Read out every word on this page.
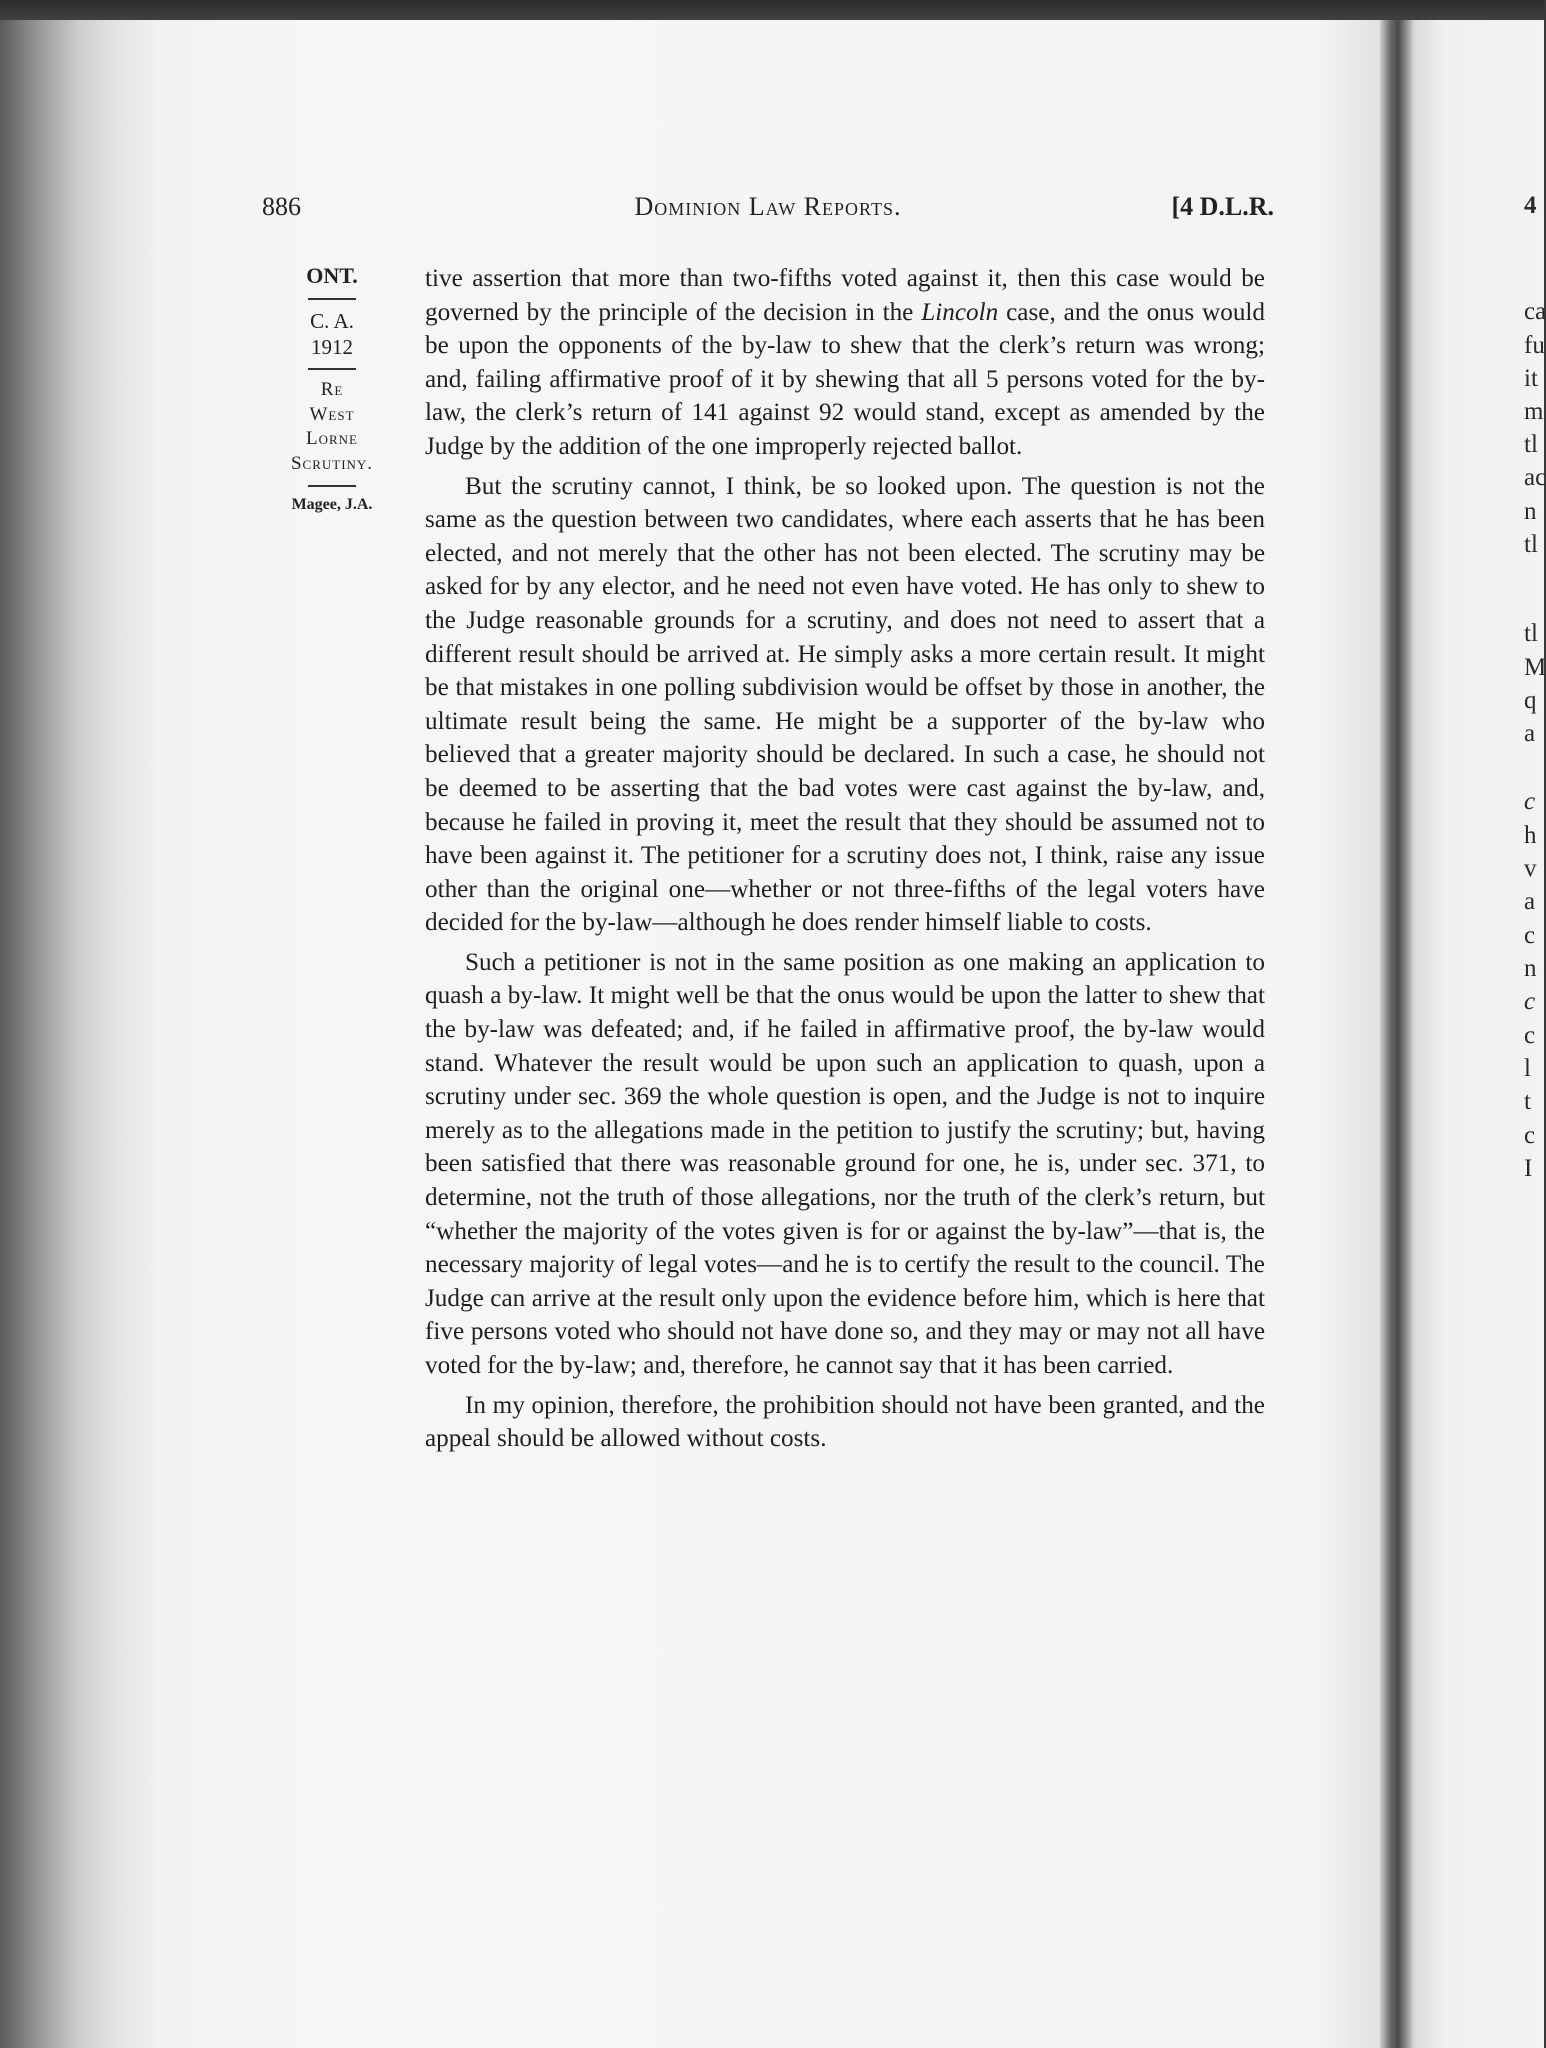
4
ca
fu
it
m
tl
ac
n
tl
tl
M
q
a
c
h
v
a
c
n
c
c
l
t
c
I
886	Dominion Law Reports.	[4 D.L.R.
ONT.
C. A.
1912
Re
West
Lorne
Scrutiny.
Magee, J.A.

tive assertion that more than two-fifths voted against it, then this case would be governed by the principle of the decision in the Lincoln case, and the onus would be upon the opponents of the by-law to shew that the clerk’s return was wrong; and, failing affirmative proof of it by shewing that all 5 persons voted for the by-law, the clerk’s return of 141 against 92 would stand, except as amended by the Judge by the addition of the one improperly rejected ballot.

But the scrutiny cannot, I think, be so looked upon. The question is not the same as the question between two candidates, where each asserts that he has been elected, and not merely that the other has not been elected. The scrutiny may be asked for by any elector, and he need not even have voted. He has only to shew to the Judge reasonable grounds for a scrutiny, and does not need to assert that a different result should be arrived at. He simply asks a more certain result. It might be that mistakes in one polling subdivision would be offset by those in another, the ultimate result being the same. He might be a supporter of the by-law who believed that a greater majority should be declared. In such a case, he should not be deemed to be asserting that the bad votes were cast against the by-law, and, because he failed in proving it, meet the result that they should be assumed not to have been against it. The petitioner for a scrutiny does not, I think, raise any issue other than the original one—whether or not three-fifths of the legal voters have decided for the by-law—although he does render himself liable to costs.

Such a petitioner is not in the same position as one making an application to quash a by-law. It might well be that the onus would be upon the latter to shew that the by-law was defeated; and, if he failed in affirmative proof, the by-law would stand. Whatever the result would be upon such an application to quash, upon a scrutiny under sec. 369 the whole question is open, and the Judge is not to inquire merely as to the allegations made in the petition to justify the scrutiny; but, having been satisfied that there was reasonable ground for one, he is, under sec. 371, to determine, not the truth of those allegations, nor the truth of the clerk’s return, but “whether the majority of the votes given is for or against the by-law”—that is, the necessary majority of legal votes—and he is to certify the result to the council. The Judge can arrive at the result only upon the evidence before him, which is here that five persons voted who should not have done so, and they may or may not all have voted for the by-law; and, therefore, he cannot say that it has been carried.

In my opinion, therefore, the prohibition should not have been granted, and the appeal should be allowed without costs.
